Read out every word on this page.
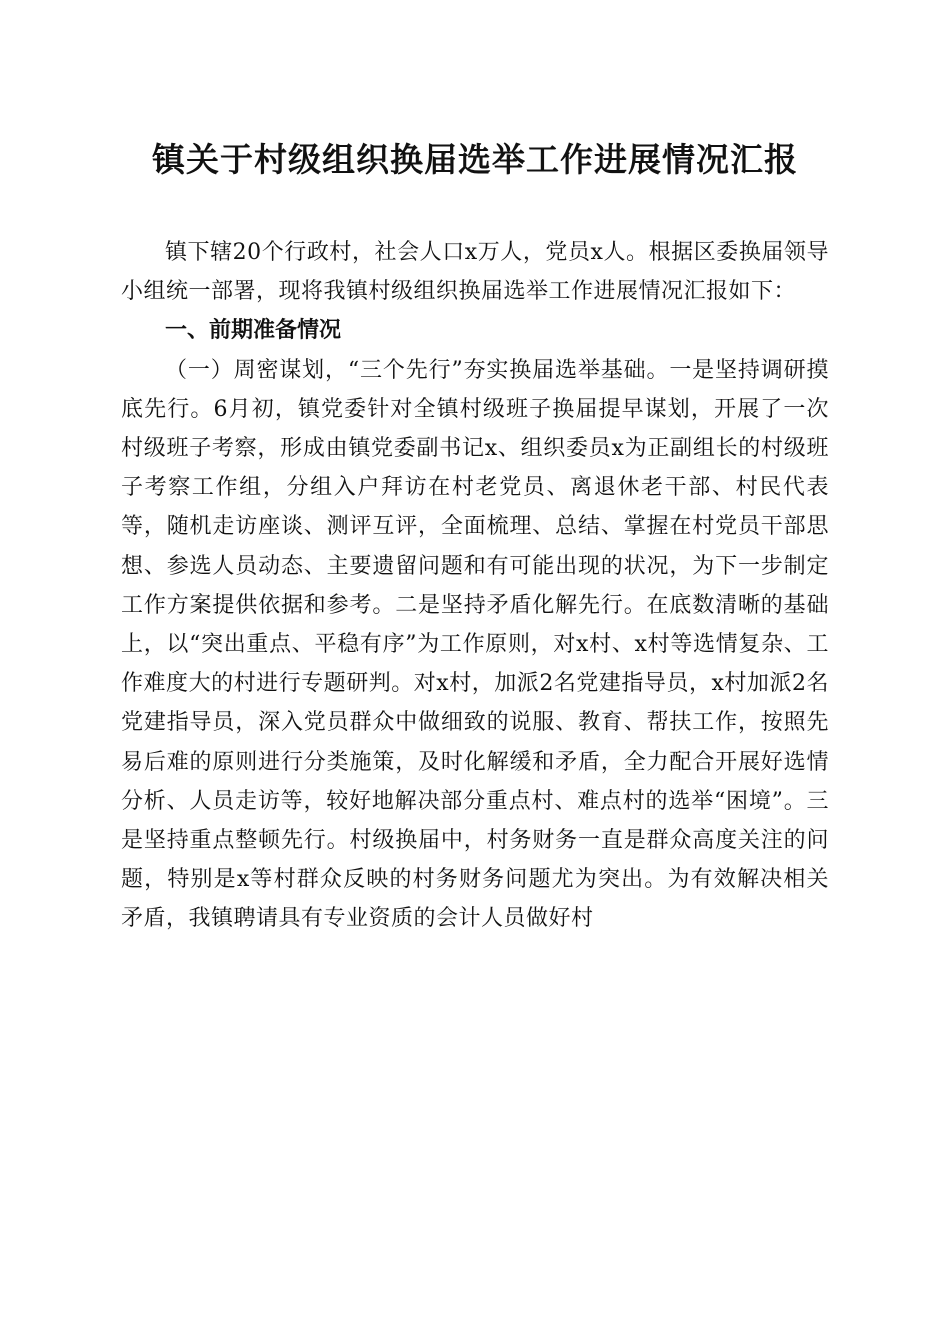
镇关于村级组织换届选举工作进展情况汇报

镇下辖20个行政村，社会人口x万人，党员x人。根据区委换届领导小组统一部署，现将我镇村级组织换届选举工作进展情况汇报如下：

一、前期准备情况

（一）周密谋划，“三个先行”夯实换届选举基础。一是坚持调研摸底先行。6月初，镇党委针对全镇村级班子换届提早谋划，开展了一次村级班子考察，形成由镇党委副书记x、组织委员x为正副组长的村级班子考察工作组，分组入户拜访在村老党员、离退休老干部、村民代表等，随机走访座谈、测评互评，全面梳理、总结、掌握在村党员干部思想、参选人员动态、主要遗留问题和有可能出现的状况，为下一步制定工作方案提供依据和参考。二是坚持矛盾化解先行。在底数清晰的基础上，以“突出重点、平稳有序”为工作原则，对x村、x村等选情复杂、工作难度大的村进行专题研判。对x村，加派2名党建指导员，x村加派2名党建指导员，深入党员群众中做细致的说服、教育、帮扶工作，按照先易后难的原则进行分类施策，及时化解缓和矛盾，全力配合开展好选情分析、人员走访等，较好地解决部分重点村、难点村的选举“困境”。三是坚持重点整顿先行。村级换届中，村务财务一直是群众高度关注的问题，特别是x等村群众反映的村务财务问题尤为突出。为有效解决相关矛盾，我镇聘请具有专业资质的会计人员做好村
